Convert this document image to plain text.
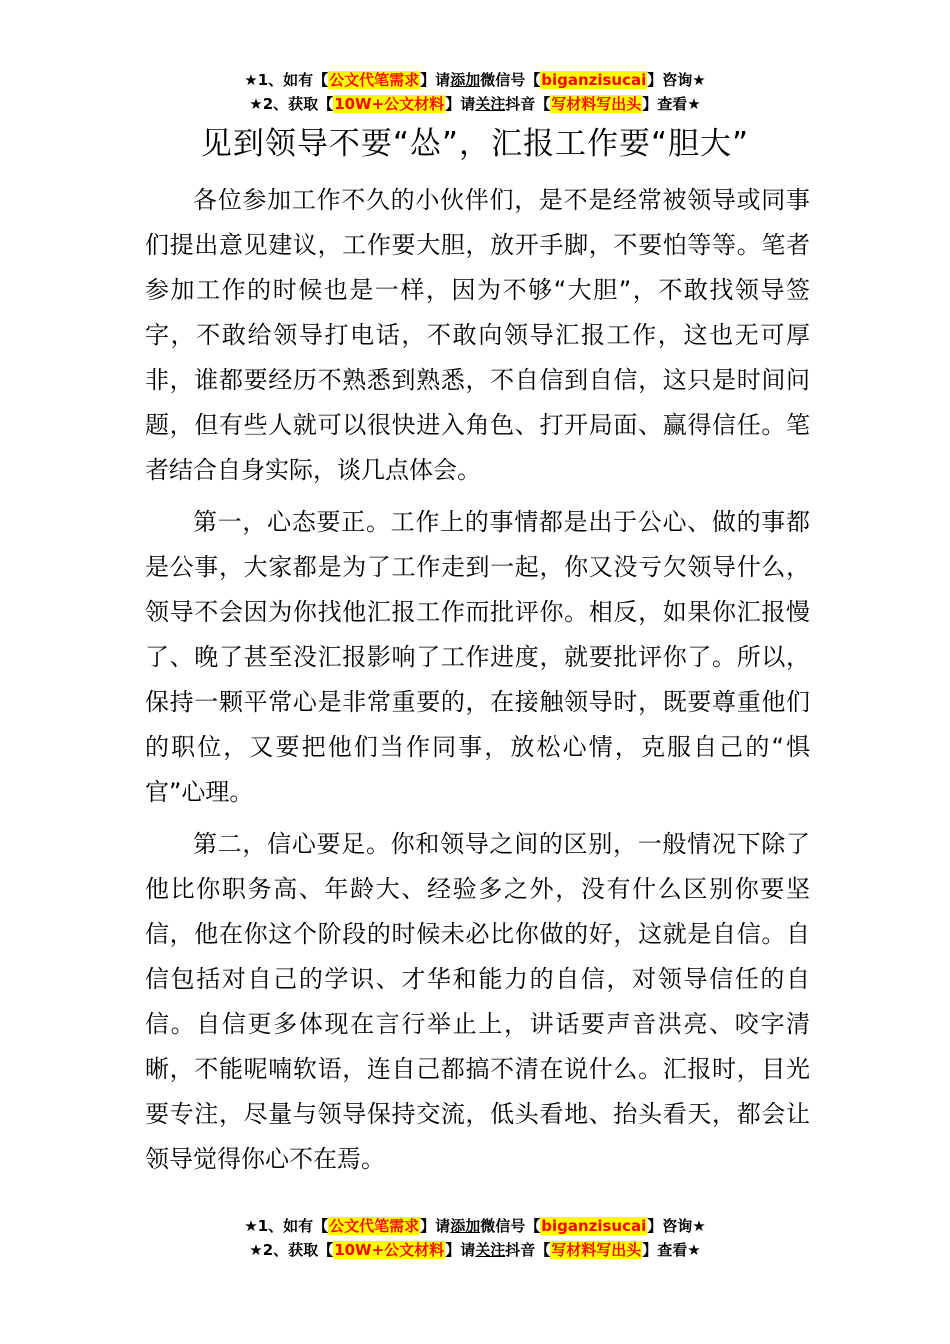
★1、如有【公文代笔需求】请添加微信号【biganzisucai】咨询★
★2、获取【10W+公文材料】请关注抖音【写材料写出头】查看★
见到领导不要“怂”，汇报工作要“胆大”

各位参加工作不久的小伙伴们，是不是经常被领导或同事们提出意见建议，工作要大胆，放开手脚，不要怕等等。笔者参加工作的时候也是一样，因为不够“大胆”，不敢找领导签字，不敢给领导打电话，不敢向领导汇报工作，这也无可厚非，谁都要经历不熟悉到熟悉，不自信到自信，这只是时间问题，但有些人就可以很快进入角色、打开局面、赢得信任。笔者结合自身实际，谈几点体会。

第一，心态要正。工作上的事情都是出于公心、做的事都是公事，大家都是为了工作走到一起，你又没亏欠领导什么，领导不会因为你找他汇报工作而批评你。相反，如果你汇报慢了、晚了甚至没汇报影响了工作进度，就要批评你了。所以，保持一颗平常心是非常重要的，在接触领导时，既要尊重他们的职位，又要把他们当作同事，放松心情，克服自己的“惧官”心理。

第二，信心要足。你和领导之间的区别，一般情况下除了他比你职务高、年龄大、经验多之外，没有什么区别你要坚信，他在你这个阶段的时候未必比你做的好，这就是自信。自信包括对自己的学识、才华和能力的自信，对领导信任的自信。自信更多体现在言行举止上，讲话要声音洪亮、咬字清晰，不能呢喃软语，连自己都搞不清在说什么。汇报时，目光要专注，尽量与领导保持交流，低头看地、抬头看天，都会让领导觉得你心不在焉。

★1、如有【公文代笔需求】请添加微信号【biganzisucai】咨询★
★2、获取【10W+公文材料】请关注抖音【写材料写出头】查看★
